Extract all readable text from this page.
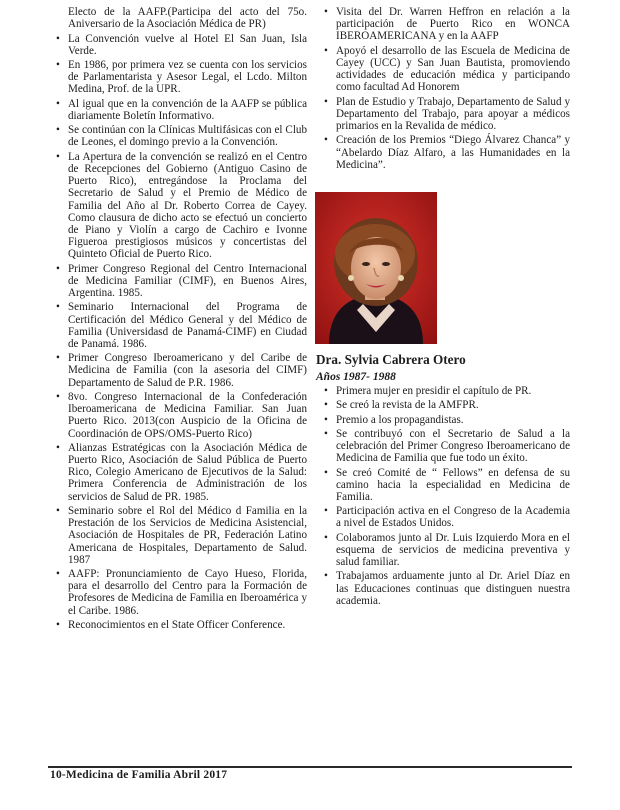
Electo de la AAFP.(Participa del acto del 75o. Aniversario de la Asociación Médica de PR)
• La Convención vuelve al Hotel El San Juan, Isla Verde.
• En 1986, por primera vez se cuenta con los servicios de Parlamentarista y Asesor Legal, el Lcdo. Milton Medina, Prof. de la UPR.
• Al igual que en la convención de la AAFP se pública diariamente Boletín Informativo.
• Se continúan con la Clínicas Multifásicas con el Club de Leones, el domingo previo a la Convención.
• La Apertura de la convención se realizó en el Centro de Recepciones del Gobierno (Antiguo Casino de Puerto Rico), entregándose la Proclama del Secretario de Salud y el Premio de Médico de Familia del Año al Dr. Roberto Correa de Cayey. Como clausura de dicho acto se efectuó un concierto de Piano y Violín a cargo de Cachiro e Ivonne Figueroa prestigiosos músicos y concertistas del Quinteto Oficial de Puerto Rico.
• Primer Congreso Regional del Centro Internacional de Medicina Familiar (CIMF), en Buenos Aires, Argentina. 1985.
• Seminario Internacional del Programa de Certificación del Médico General y del Médico de Familia (Universidasd de Panamá-CIMF) en Ciudad de Panamá. 1986.
• Primer Congreso Iberoamericano y del Caribe de Medicina de Familia (con la asesoria del CIMF) Departamento de Salud de P.R. 1986.
• 8vo. Congreso Internacional de la Confederación Iberoamericana de Medicina Familiar. San Juan Puerto Rico. 2013(con Auspicio de la Oficina de Coordinación de OPS/OMS-Puerto Rico)
• Alianzas Estratégicas con la Asociación Médica de Puerto Rico, Asociación de Salud Pública de Puerto Rico, Colegio Americano de Ejecutivos de la Salud: Primera Conferencia de Administración de los servicios de Salud de PR. 1985.
• Seminario sobre el Rol del Médico d Familia en la Prestación de los Servicios de Medicina Asistencial, Asociación de Hospitales de PR, Federación Latino Americana de Hospitales, Departamento de Salud. 1987
• AAFP: Pronunciamiento de Cayo Hueso, Florida, para el desarrollo del Centro para la Formación de Profesores de Medicina de Familia en Iberoamérica y el Caribe. 1986.
• Reconocimientos en el State Officer Conference.
• Visita del Dr. Warren Heffron en relación a la participación de Puerto Rico en WONCA IBEROAMERICANA y en la AAFP
• Apoyó el desarrollo de las Escuela de Medicina de Cayey (UCC) y San Juan Bautista, promoviendo actividades de educación médica y participando como facultad Ad Honorem
• Plan de Estudio y Trabajo, Departamento de Salud y Departamento del Trabajo, para apoyar a médicos primarios en la Revalida de médico.
• Creación de los Premios “Diego Álvarez Chanca” y “Abelardo Díaz Alfaro, a las Humanidades en la Medicina”.
Dra. Sylvia Cabrera Otero
Años 1987- 1988
• Primera mujer en presidir el capítulo de PR.
• Se creó la revista de la AMFPR.
• Premio a los propagandistas.
• Se contribuyó con el Secretario de Salud a la celebración del Primer Congreso Iberoamericano de Medicina de Familia que fue todo un éxito.
• Se creó Comité de “ Fellows” en defensa de su camino hacia la especialidad en Medicina de Familia.
• Participación activa en el Congreso de la Academia a nivel de Estados Unidos.
• Colaboramos junto al Dr. Luis Izquierdo Mora en el esquema de servicios de medicina preventiva y salud familiar.
• Trabajamos arduamente junto al Dr. Ariel Díaz en las Educaciones continuas que distinguen nuestra academia.
10-Medicina de Familia Abril 2017
